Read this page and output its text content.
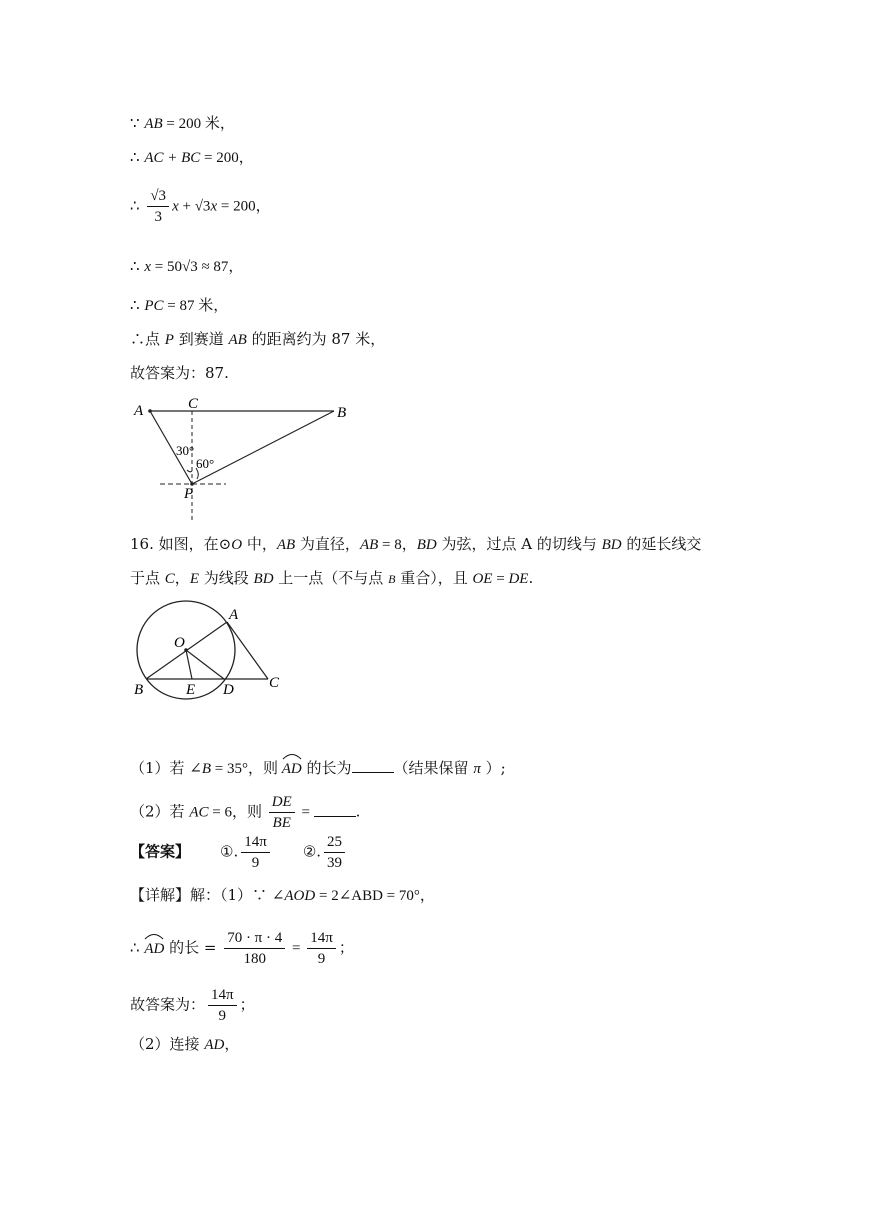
∵ AB = 200 米，
∴ AC + BC = 200，
∴ $\frac{√3}{3}$ x + √3x = 200，
∴ x = 50√3 ≈ 87，
∴ PC = 87 米，
∴点 P 到赛道 AB 的距离约为 87 米，
故答案为：87.
A	C
B
P
30°
60°
16. 如图，在⊙O 中，AB 为直径，AB = 8，BD 为弦，过点 A 的切线与 BD 的延长线交
于点 C，E 为线段 BD 上一点（不与点 B 重合），且 OE = DE.
O
A
B	E D C
（1）若 ∠B = 35°，则
AD 的长为	（结果保留 π ）;
（2）若 AC = 6，则 $\frac{DE}{BE}$ =	.
【答案】 ①. $\frac{14\pi}{9}$ ②. $\frac{25}{39}$
【详解】解：（1）∵ ∠AOD = 2∠ABD = 70°，
∴
AD 的长 = $\frac{70 \cdot \pi \cdot 4}{180} = \frac{14\pi}{9}$ ；
故答案为： $\frac{14\pi}{9}$ ；
（2）连接 AD，
